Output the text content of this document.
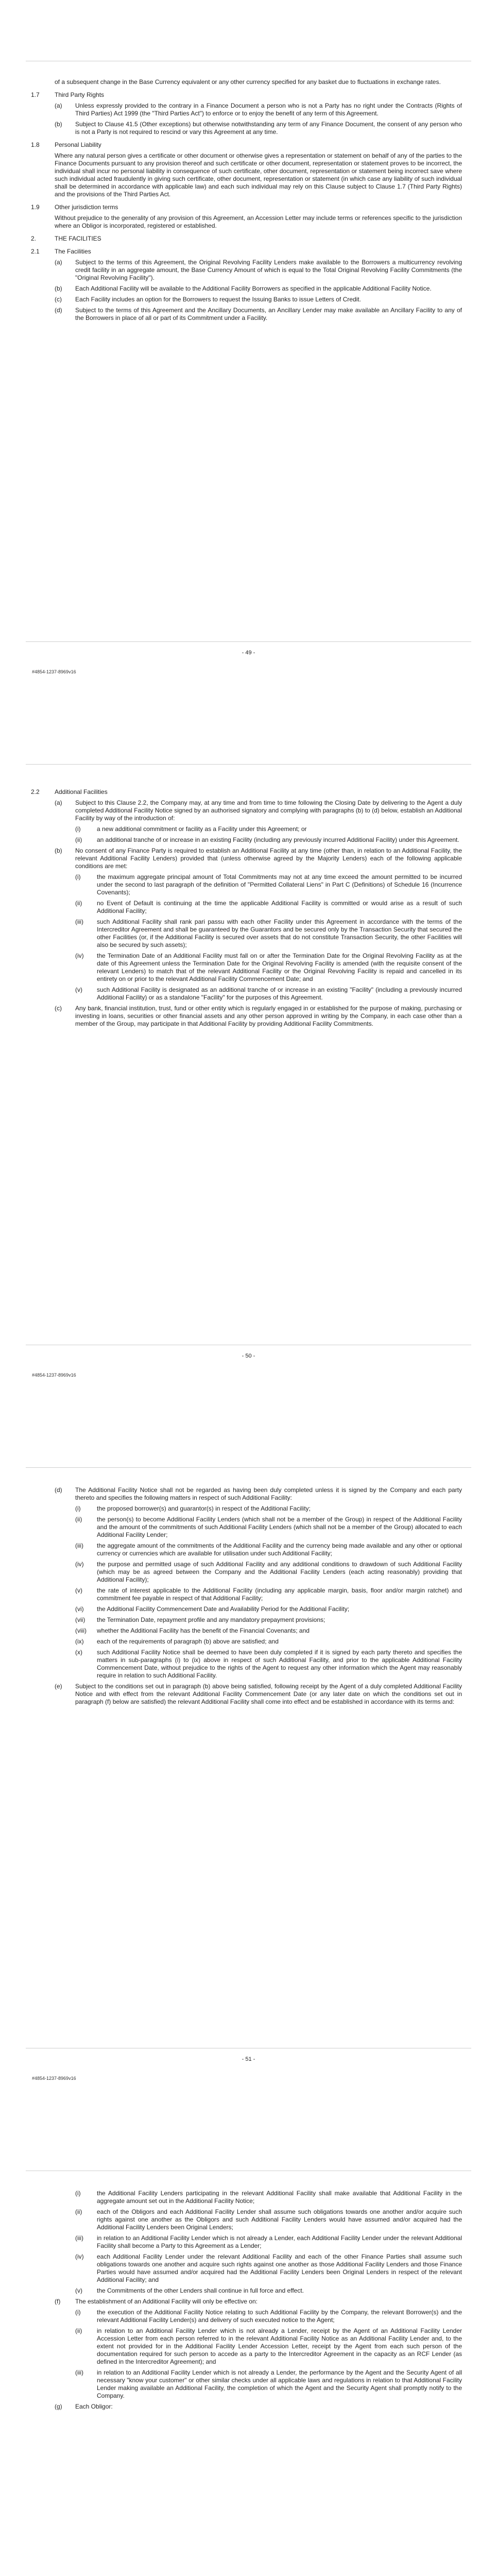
of a subsequent change in the Base Currency equivalent or any other currency specified for any basket due to fluctuations in exchange rates.

1.7	Third Party Rights
(a)	Unless expressly provided to the contrary in a Finance Document a person who is not a Party has no right under the Contracts (Rights of Third Parties) Act 1999 (the "Third Parties Act") to enforce or to enjoy the benefit of any term of this Agreement.
(b)	Subject to Clause 41.5 (Other exceptions) but otherwise notwithstanding any term of any Finance Document, the consent of any person who is not a Party is not required to rescind or vary this Agreement at any time.
1.8	Personal Liability

Where any natural person gives a certificate or other document or otherwise gives a representation or statement on behalf of any of the parties to the Finance Documents pursuant to any provision thereof and such certificate or other document, representation or statement proves to be incorrect, the individual shall incur no personal liability in consequence of such certificate, other document, representation or statement being incorrect save where such individual acted fraudulently in giving such certificate, other document, representation or statement (in which case any liability of such individual shall be determined in accordance with applicable law) and each such individual may rely on this Clause subject to Clause 1.7 (Third Party Rights) and the provisions of the Third Parties Act.

1.9	Other jurisdiction terms

Without prejudice to the generality of any provision of this Agreement, an Accession Letter may include terms or references specific to the jurisdiction where an Obligor is incorporated, registered or established.

2.	THE FACILITIES
2.1	The Facilities
(a)	Subject to the terms of this Agreement, the Original Revolving Facility Lenders make available to the Borrowers a multicurrency revolving credit facility in an aggregate amount, the Base Currency Amount of which is equal to the Total Original Revolving Facility Commitments (the "Original Revolving Facility").
(b)	Each Additional Facility will be available to the Additional Facility Borrowers as specified in the applicable Additional Facility Notice.
(c)	Each Facility includes an option for the Borrowers to request the Issuing Banks to issue Letters of Credit.
(d)	Subject to the terms of this Agreement and the Ancillary Documents, an Ancillary Lender may make available an Ancillary Facility to any of the Borrowers in place of all or part of its Commitment under a Facility.
- 49 -
#4854-1237-8969v16
2.2	Additional Facilities
(a)	Subject to this Clause 2.2, the Company may, at any time and from time to time following the Closing Date by delivering to the Agent a duly completed Additional Facility Notice signed by an authorised signatory and complying with paragraphs (b) to (d) below, establish an Additional Facility by way of the introduction of:
(i)	a new additional commitment or facility as a Facility under this Agreement; or
(ii)	an additional tranche of or increase in an existing Facility (including any previously incurred Additional Facility) under this Agreement.
(b)	No consent of any Finance Party is required to establish an Additional Facility at any time (other than, in relation to an Additional Facility, the relevant Additional Facility Lenders) provided that (unless otherwise agreed by the Majority Lenders) each of the following applicable conditions are met:
(i)	the maximum aggregate principal amount of Total Commitments may not at any time exceed the amount permitted to be incurred under the second to last paragraph of the definition of "Permitted Collateral Liens" in Part C (Definitions) of Schedule 16 (Incurrence Covenants);
(ii)	no Event of Default is continuing at the time the applicable Additional Facility is committed or would arise as a result of such Additional Facility;
(iii)	such Additional Facility shall rank pari passu with each other Facility under this Agreement in accordance with the terms of the Intercreditor Agreement and shall be guaranteed by the Guarantors and be secured only by the Transaction Security that secured the other Facilities (or, if the Additional Facility is secured over assets that do not constitute Transaction Security, the other Facilities will also be secured by such assets);
(iv)	the Termination Date of an Additional Facility must fall on or after the Termination Date for the Original Revolving Facility as at the date of this Agreement unless the Termination Date for the Original Revolving Facility is amended (with the requisite consent of the relevant Lenders) to match that of the relevant Additional Facility or the Original Revolving Facility is repaid and cancelled in its entirety on or prior to the relevant Additional Facility Commencement Date; and
(v)	such Additional Facility is designated as an additional tranche of or increase in an existing "Facility" (including a previously incurred Additional Facility) or as a standalone "Facility" for the purposes of this Agreement.
(c)	Any bank, financial institution, trust, fund or other entity which is regularly engaged in or established for the purpose of making, purchasing or investing in loans, securities or other financial assets and any other person approved in writing by the Company, in each case other than a member of the Group, may participate in that Additional Facility by providing Additional Facility Commitments.
- 50 -
#4854-1237-8969v16
(d)	The Additional Facility Notice shall not be regarded as having been duly completed unless it is signed by the Company and each party thereto and specifies the following matters in respect of such Additional Facility:
(i)	the proposed borrower(s) and guarantor(s) in respect of the Additional Facility;
(ii)	the person(s) to become Additional Facility Lenders (which shall not be a member of the Group) in respect of the Additional Facility and the amount of the commitments of such Additional Facility Lenders (which shall not be a member of the Group) allocated to each Additional Facility Lender;
(iii)	the aggregate amount of the commitments of the Additional Facility and the currency being made available and any other or optional currency or currencies which are available for utilisation under such Additional Facility;
(iv)	the purpose and permitted usage of such Additional Facility and any additional conditions to drawdown of such Additional Facility (which may be as agreed between the Company and the Additional Facility Lenders (each acting reasonably) providing that Additional Facility);
(v)	the rate of interest applicable to the Additional Facility (including any applicable margin, basis, floor and/or margin ratchet) and commitment fee payable in respect of that Additional Facility;
(vi)	the Additional Facility Commencement Date and Availability Period for the Additional Facility;
(vii)	the Termination Date, repayment profile and any mandatory prepayment provisions;
(viii)	whether the Additional Facility has the benefit of the Financial Covenants; and
(ix)	each of the requirements of paragraph (b) above are satisfied; and
(x)	such Additional Facility Notice shall be deemed to have been duly completed if it is signed by each party thereto and specifies the matters in sub-paragraphs (i) to (ix) above in respect of such Additional Facility, and prior to the applicable Additional Facility Commencement Date, without prejudice to the rights of the Agent to request any other information which the Agent may reasonably require in relation to such Additional Facility.
(e)	Subject to the conditions set out in paragraph (b) above being satisfied, following receipt by the Agent of a duly completed Additional Facility Notice and with effect from the relevant Additional Facility Commencement Date (or any later date on which the conditions set out in paragraph (f) below are satisfied) the relevant Additional Facility shall come into effect and be established in accordance with its terms and:
- 51 -
#4854-1237-8969v16
(i)	the Additional Facility Lenders participating in the relevant Additional Facility shall make available that Additional Facility in the aggregate amount set out in the Additional Facility Notice;
(ii)	each of the Obligors and each Additional Facility Lender shall assume such obligations towards one another and/or acquire such rights against one another as the Obligors and such Additional Facility Lenders would have assumed and/or acquired had the Additional Facility Lenders been Original Lenders;
(iii)	in relation to an Additional Facility Lender which is not already a Lender, each Additional Facility Lender under the relevant Additional Facility shall become a Party to this Agreement as a Lender;
(iv)	each Additional Facility Lender under the relevant Additional Facility and each of the other Finance Parties shall assume such obligations towards one another and acquire such rights against one another as those Additional Facility Lenders and those Finance Parties would have assumed and/or acquired had the Additional Facility Lenders been Original Lenders in respect of the relevant Additional Facility; and
(v)	the Commitments of the other Lenders shall continue in full force and effect.
(f)	The establishment of an Additional Facility will only be effective on:
(i)	the execution of the Additional Facility Notice relating to such Additional Facility by the Company, the relevant Borrower(s) and the relevant Additional Facility Lender(s) and delivery of such executed notice to the Agent;
(ii)	in relation to an Additional Facility Lender which is not already a Lender, receipt by the Agent of an Additional Facility Lender Accession Letter from each person referred to in the relevant Additional Facility Notice as an Additional Facility Lender and, to the extent not provided for in the Additional Facility Lender Accession Letter, receipt by the Agent from each such person of the documentation required for such person to accede as a party to the Intercreditor Agreement in the capacity as an RCF Lender (as defined in the Intercreditor Agreement); and
(iii)	in relation to an Additional Facility Lender which is not already a Lender, the performance by the Agent and the Security Agent of all necessary "know your customer" or other similar checks under all applicable laws and regulations in relation to that Additional Facility Lender making available an Additional Facility, the completion of which the Agent and the Security Agent shall promptly notify to the Company.
(g)	Each Obligor:
